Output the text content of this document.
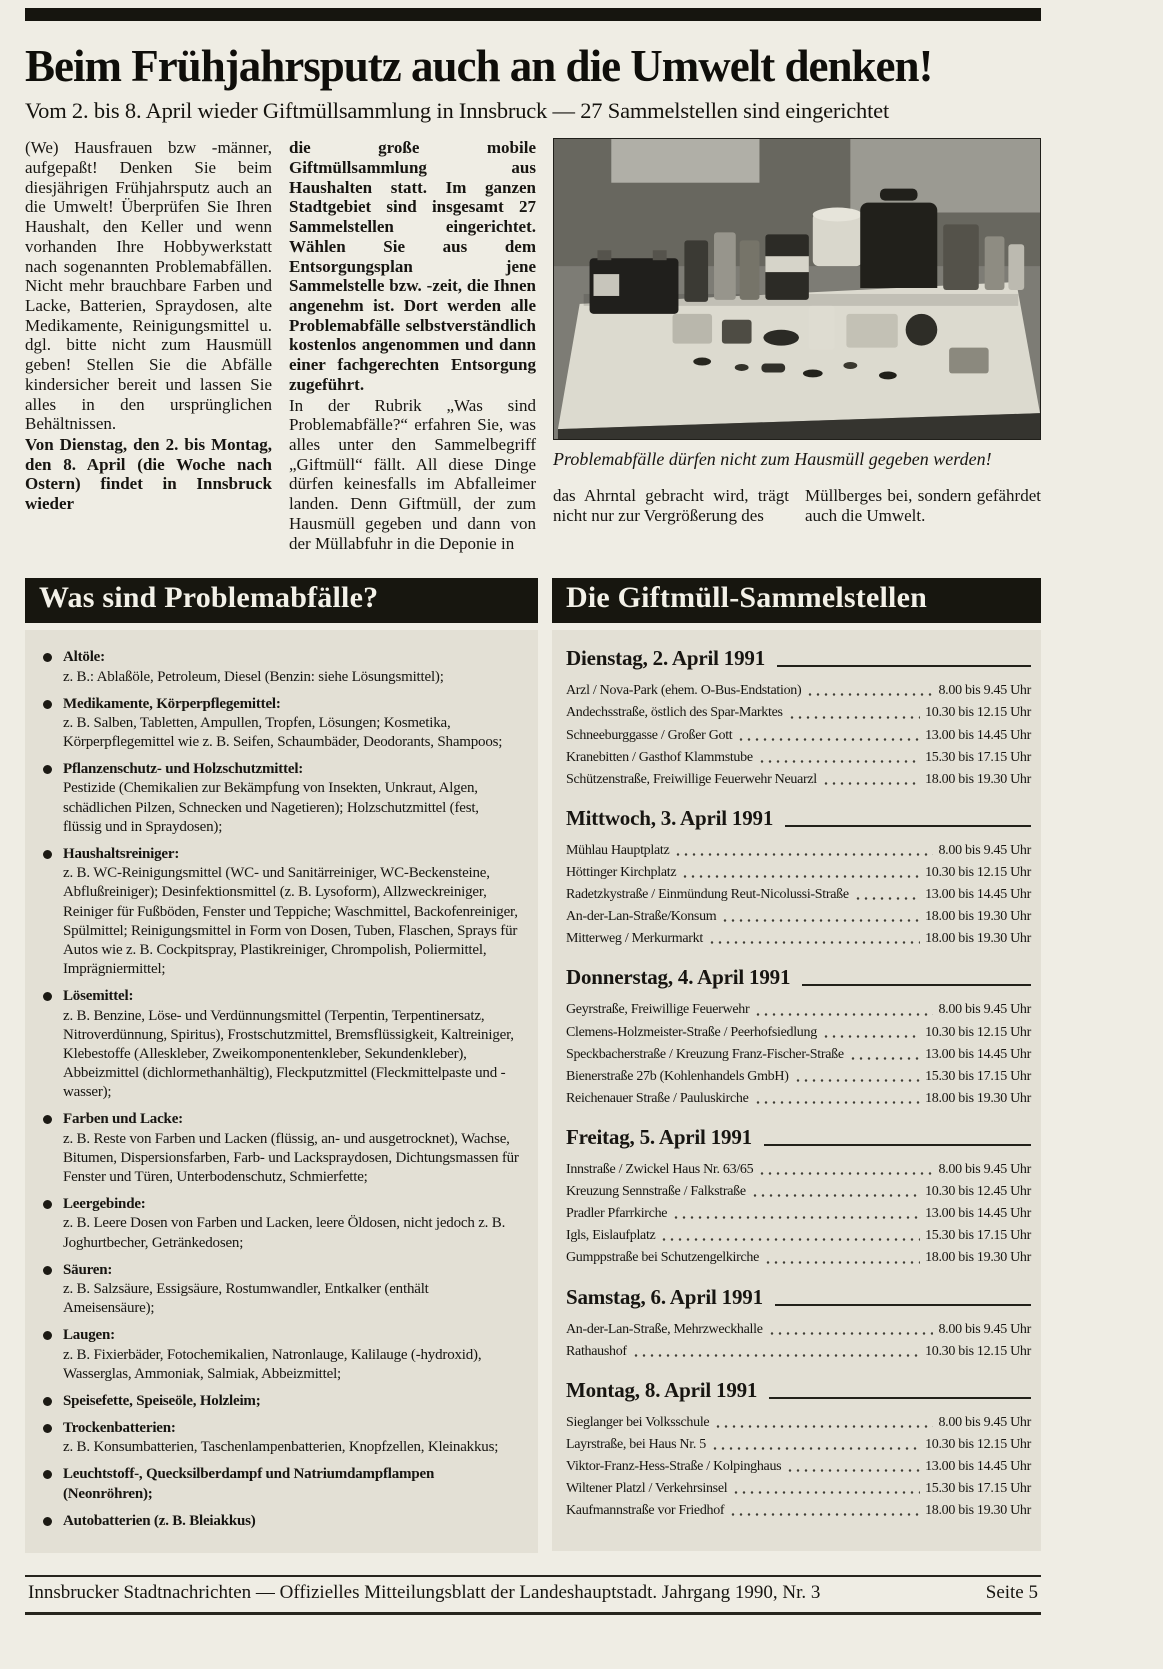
Beim Frühjahrsputz auch an die Umwelt denken!
Vom 2. bis 8. April wieder Giftmüllsammlung in Innsbruck — 27 Sammelstellen sind eingerichtet

(We) Hausfrauen bzw -männer, aufgepaßt! Denken Sie beim diesjährigen Frühjahrsputz auch an die Umwelt! Überprüfen Sie Ihren Haushalt, den Keller und wenn vorhanden Ihre Hobbywerkstatt nach sogenannten Problemabfällen. Nicht mehr brauchbare Farben und Lacke, Batterien, Spraydosen, alte Medikamente, Reinigungsmittel u. dgl. bitte nicht zum Hausmüll geben! Stellen Sie die Abfälle kindersicher bereit und lassen Sie alles in den ursprünglichen Behältnissen.

Von Dienstag, den 2. bis Montag, den 8. April (die Woche nach Ostern) findet in Innsbruck wieder

die große mobile Giftmüllsammlung aus Haushalten statt. Im ganzen Stadtgebiet sind insgesamt 27 Sammelstellen eingerichtet. Wählen Sie aus dem Entsorgungsplan jene Sammelstelle bzw. -zeit, die Ihnen angenehm ist. Dort werden alle Problemabfälle selbstverständlich kostenlos angenommen und dann einer fachgerechten Entsorgung zugeführt.

In der Rubrik „Was sind Problemabfälle?“ erfahren Sie, was alles unter den Sammelbegriff „Giftmüll“ fällt. All diese Dinge dürfen keinesfalls im Abfalleimer landen. Denn Giftmüll, der zum Hausmüll gegeben und dann von der Müllabfuhr in die Deponie in

Problemabfälle dürfen nicht zum Hausmüll gegeben werden!
das Ahrntal gebracht wird, trägt nicht nur zur Vergrößerung des
Müllberges bei, sondern gefährdet auch die Umwelt.
Was sind Problemabfälle?
Altöle:
z. B.: Ablaßöle, Petroleum, Diesel (Benzin: siehe Lösungsmittel);
Medikamente, Körperpflegemittel:
z. B. Salben, Tabletten, Ampullen, Tropfen, Lösungen; Kosmetika, Körperpflegemittel wie z. B. Seifen, Schaumbäder, Deodorants, Shampoos;
Pflanzenschutz- und Holzschutzmittel:
Pestizide (Chemikalien zur Bekämpfung von Insekten, Unkraut, Algen, schädlichen Pilzen, Schnecken und Nagetieren); Holzschutzmittel (fest, flüssig und in Spraydosen);
Haushaltsreiniger:
z. B. WC-Reinigungsmittel (WC- und Sanitärreiniger, WC-Beckensteine, Abflußreiniger); Desinfektionsmittel (z. B. Lysoform), Allzweckreiniger, Reiniger für Fußböden, Fenster und Teppiche; Waschmittel, Backofenreiniger, Spülmittel; Reinigungsmittel in Form von Dosen, Tuben, Flaschen, Sprays für Autos wie z. B. Cockpitspray, Plastikreiniger, Chrompolish, Poliermittel, Imprägniermittel;
Lösemittel:
z. B. Benzine, Löse- und Verdünnungsmittel (Terpentin, Terpentinersatz, Nitroverdünnung, Spiritus), Frostschutzmittel, Bremsflüssigkeit, Kaltreiniger, Klebestoffe (Alleskleber, Zweikomponentenkleber, Sekundenkleber), Abbeizmittel (dichlormethanhältig), Fleckputzmittel (Fleckmittelpaste und -wasser);
Farben und Lacke:
z. B. Reste von Farben und Lacken (flüssig, an- und ausgetrocknet), Wachse, Bitumen, Dispersionsfarben, Farb- und Lackspraydosen, Dichtungsmassen für Fenster und Türen, Unterbodenschutz, Schmierfette;
Leergebinde:
z. B. Leere Dosen von Farben und Lacken, leere Öldosen, nicht jedoch z. B. Joghurtbecher, Getränkedosen;
Säuren:
z. B. Salzsäure, Essigsäure, Rostumwandler, Entkalker (enthält Ameisensäure);
Laugen:
z. B. Fixierbäder, Fotochemikalien, Natronlauge, Kalilauge (-hydroxid), Wasserglas, Ammoniak, Salmiak, Abbeizmittel;
Speisefette, Speiseöle, Holzleim;
Trockenbatterien:
z. B. Konsumbatterien, Taschenlampenbatterien, Knopfzellen, Kleinakkus;
Leuchtstoff-, Quecksilberdampf und Natriumdampflampen (Neonröhren);
Autobatterien (z. B. Bleiakkus)
Die Giftmüll-Sammelstellen
Dienstag, 2. April 1991
Arzl / Nova-Park (ehem. O-Bus-Endstation)	8.00 bis 9.45 Uhr
Andechsstraße, östlich des Spar-Marktes	10.30 bis 12.15 Uhr
Schneeburggasse / Großer Gott	13.00 bis 14.45 Uhr
Kranebitten / Gasthof Klammstube	15.30 bis 17.15 Uhr
Schützenstraße, Freiwillige Feuerwehr Neuarzl	18.00 bis 19.30 Uhr
Mittwoch, 3. April 1991
Mühlau Hauptplatz	8.00 bis 9.45 Uhr
Höttinger Kirchplatz	10.30 bis 12.15 Uhr
Radetzkystraße / Einmündung Reut-Nicolussi-Straße	13.00 bis 14.45 Uhr
An-der-Lan-Straße/Konsum	18.00 bis 19.30 Uhr
Mitterweg / Merkurmarkt	18.00 bis 19.30 Uhr
Donnerstag, 4. April 1991
Geyrstraße, Freiwillige Feuerwehr	8.00 bis 9.45 Uhr
Clemens-Holzmeister-Straße / Peerhofsiedlung	10.30 bis 12.15 Uhr
Speckbacherstraße / Kreuzung Franz-Fischer-Straße	13.00 bis 14.45 Uhr
Bienerstraße 27b (Kohlenhandels GmbH)	15.30 bis 17.15 Uhr
Reichenauer Straße / Pauluskirche	18.00 bis 19.30 Uhr
Freitag, 5. April 1991
Innstraße / Zwickel Haus Nr. 63/65	8.00 bis 9.45 Uhr
Kreuzung Sennstraße / Falkstraße	10.30 bis 12.45 Uhr
Pradler Pfarrkirche	13.00 bis 14.45 Uhr
Igls, Eislaufplatz	15.30 bis 17.15 Uhr
Gumppstraße bei Schutzengelkirche	18.00 bis 19.30 Uhr
Samstag, 6. April 1991
An-der-Lan-Straße, Mehrzweckhalle	8.00 bis 9.45 Uhr
Rathaushof	10.30 bis 12.15 Uhr
Montag, 8. April 1991
Sieglanger bei Volksschule	8.00 bis 9.45 Uhr
Layrstraße, bei Haus Nr. 5	10.30 bis 12.15 Uhr
Viktor-Franz-Hess-Straße / Kolpinghaus	13.00 bis 14.45 Uhr
Wiltener Platzl / Verkehrsinsel	15.30 bis 17.15 Uhr
Kaufmannstraße vor Friedhof	18.00 bis 19.30 Uhr
Innsbrucker Stadtnachrichten — Offizielles Mitteilungsblatt der Landeshauptstadt. Jahrgang 1990, Nr. 3	Seite 5
